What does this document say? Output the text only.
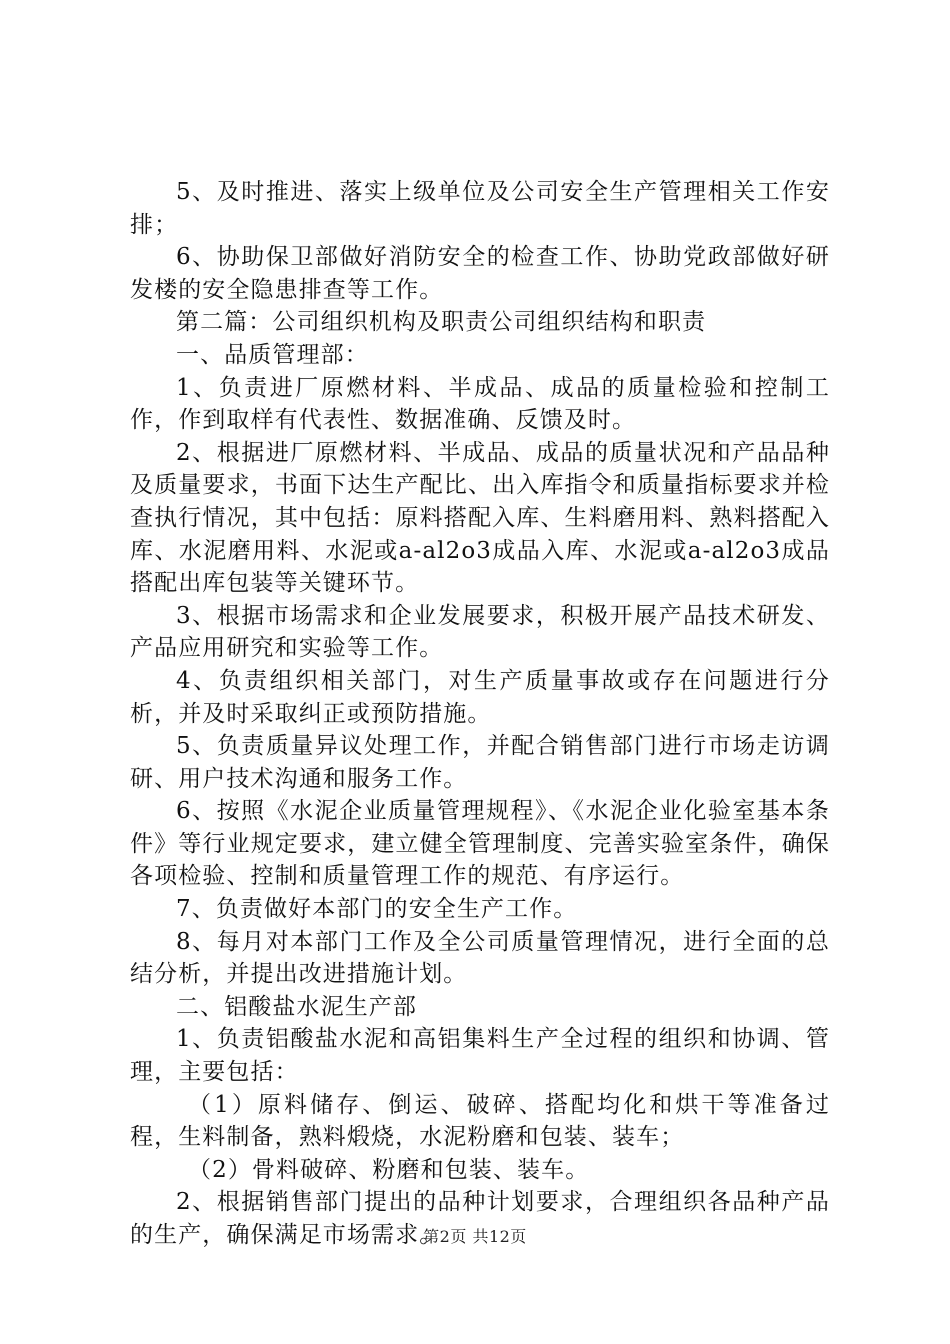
5、及时推进、落实上级单位及公司安全生产管理相关工作安排；

6、协助保卫部做好消防安全的检查工作、协助党政部做好研发楼的安全隐患排查等工作。

第二篇：公司组织机构及职责公司组织结构和职责

一、品质管理部：

1、负责进厂原燃材料、半成品、成品的质量检验和控制工作，作到取样有代表性、数据准确、反馈及时。

2、根据进厂原燃材料、半成品、成品的质量状况和产品品种及质量要求，书面下达生产配比、出入库指令和质量指标要求并检查执行情况，其中包括：原料搭配入库、生料磨用料、熟料搭配入库、水泥磨用料、水泥或a-al2o3成品入库、水泥或a-al2o3成品搭配出库包装等关键环节。

3、根据市场需求和企业发展要求，积极开展产品技术研发、产品应用研究和实验等工作。

4、负责组织相关部门，对生产质量事故或存在问题进行分析，并及时采取纠正或预防措施。

5、负责质量异议处理工作，并配合销售部门进行市场走访调研、用户技术沟通和服务工作。

6、按照《水泥企业质量管理规程》、《水泥企业化验室基本条件》等行业规定要求，建立健全管理制度、完善实验室条件，确保各项检验、控制和质量管理工作的规范、有序运行。

7、负责做好本部门的安全生产工作。

8、每月对本部门工作及全公司质量管理情况，进行全面的总结分析，并提出改进措施计划。

二、铝酸盐水泥生产部

1、负责铝酸盐水泥和高铝集料生产全过程的组织和协调、管理，主要包括：

（1）原料储存、倒运、破碎、搭配均化和烘干等准备过程，生料制备，熟料煅烧，水泥粉磨和包装、装车；

（2）骨料破碎、粉磨和包装、装车。

2、根据销售部门提出的品种计划要求，合理组织各品种产品的生产，确保满足市场需求。

第2页 共12页
